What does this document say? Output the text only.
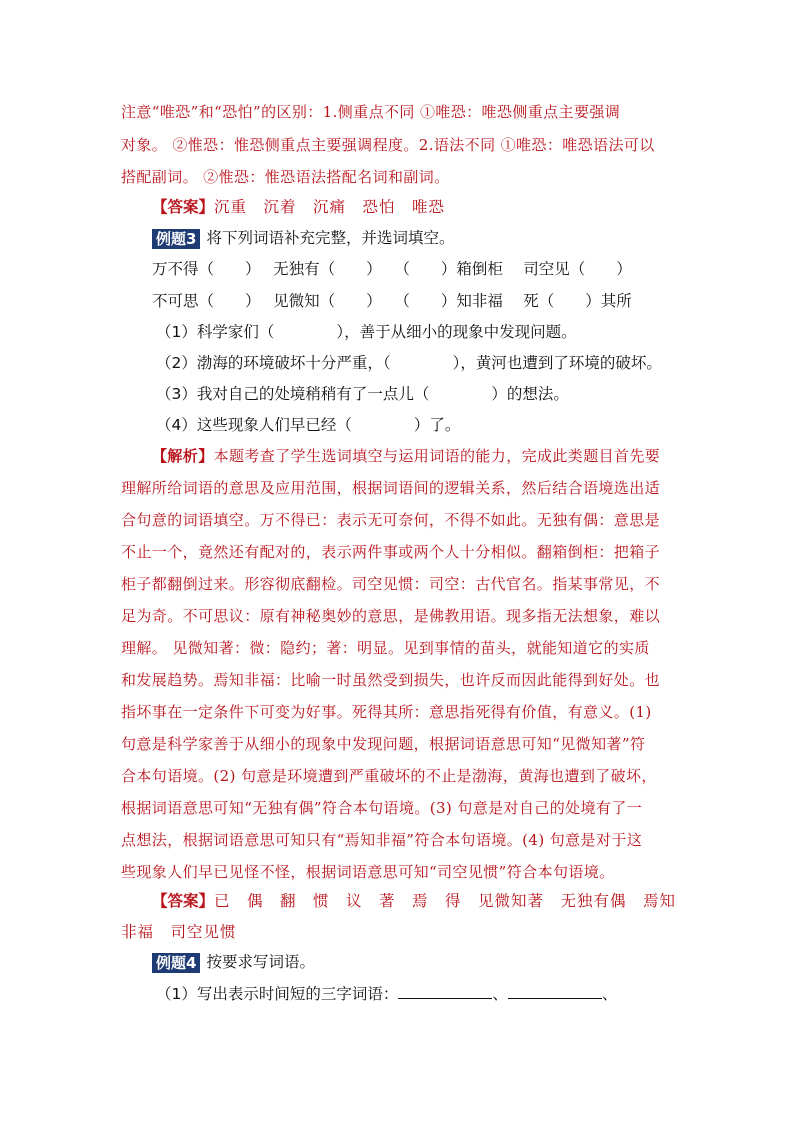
注意“唯恐”和“恐怕”的区别：1.侧重点不同 ①唯恐：唯恐侧重点主要强调
对象。 ②惟恐：惟恐侧重点主要强调程度。2.语法不同 ①唯恐：唯恐语法可以
搭配副词。 ②惟恐：惟恐语法搭配名词和副词。
【答案】沉重　沉着　沉痛　恐怕　唯恐
例题3 将下列词语补充完整，并选词填空。
万不得（　　）　 无独有（　　）　 （　　）箱倒柜　 司空见（　　）
不可思（　　）　 见微知（　　）　 （　　）知非福　 死（　　）其所
（1）科学家们（　　　　），善于从细小的现象中发现问题。
（2）渤海的环境破坏十分严重，（　　　　），黄河也遭到了环境的破坏。
（3）我对自己的处境稍稍有了一点儿（　　　　）的想法。
（4）这些现象人们早已经（　　　　）了。
【解析】本题考查了学生选词填空与运用词语的能力，完成此类题目首先要
理解所给词语的意思及应用范围，根据词语间的逻辑关系，然后结合语境选出适
合句意的词语填空。万不得已：表示无可奈何，不得不如此。无独有偶：意思是
不止一个，竟然还有配对的，表示两件事或两个人十分相似。翻箱倒柜：把箱子
柜子都翻倒过来。形容彻底翻检。司空见惯：司空：古代官名。指某事常见，不
足为奇。不可思议：原有神秘奥妙的意思，是佛教用语。现多指无法想象，难以
理解。 见微知著：微：隐约；著：明显。见到事情的苗头，就能知道它的实质
和发展趋势。焉知非福：比喻一时虽然受到损失，也许反而因此能得到好处。也
指坏事在一定条件下可变为好事。死得其所：意思指死得有价值，有意义。(1)
句意是科学家善于从细小的现象中发现问题，根据词语意思可知“见微知著”符
合本句语境。(2) 句意是环境遭到严重破坏的不止是渤海，黄海也遭到了破坏，
根据词语意思可知“无独有偶”符合本句语境。(3) 句意是对自己的处境有了一
点想法，根据词语意思可知只有“焉知非福”符合本句语境。(4) 句意是对于这
些现象人们早已见怪不怪，根据词语意思可知“司空见惯”符合本句语境。
【答案】已　偶　翻　惯　议　著　焉　得　见微知著　无独有偶　焉知
非福　司空见惯
例题4 按要求写词语。
（1）写出表示时间短的三字词语：	、	、
